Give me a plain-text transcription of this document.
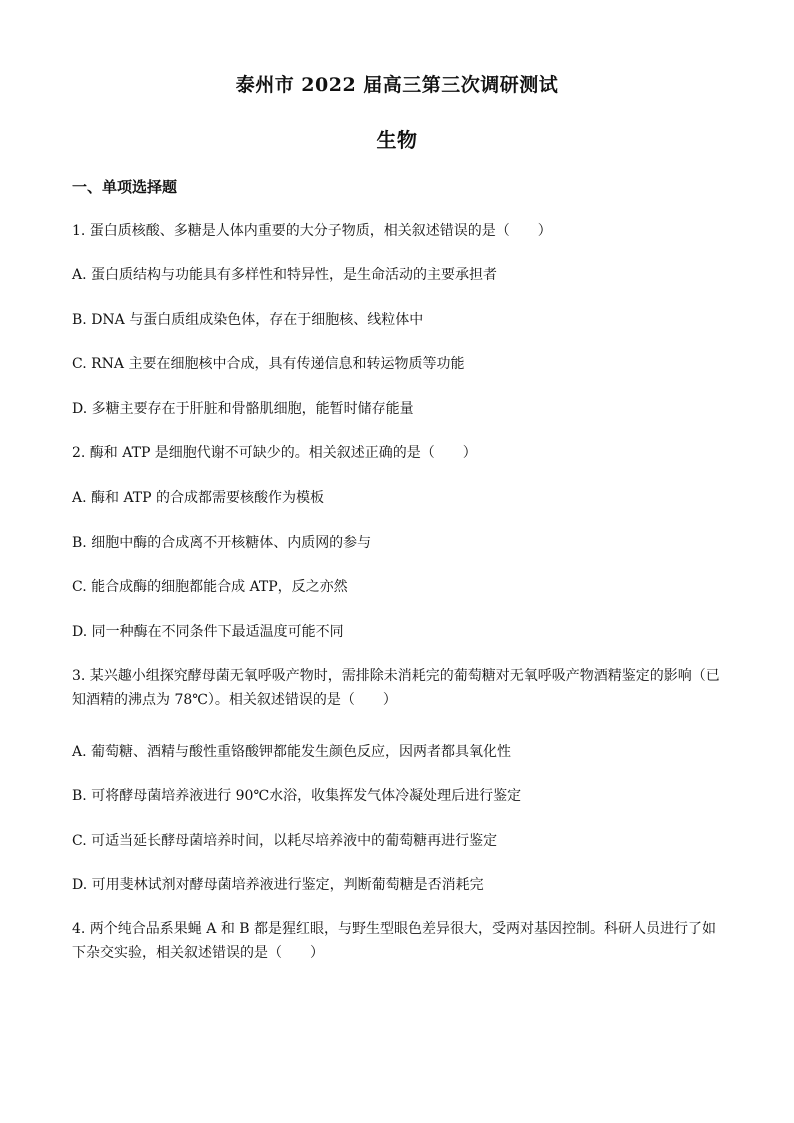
泰州市 2022 届高三第三次调研测试
生物
一、单项选择题
1. 蛋白质核酸、多糖是人体内重要的大分子物质，相关叙述错误的是（　　）
A. 蛋白质结构与功能具有多样性和特异性，是生命活动的主要承担者
B. DNA 与蛋白质组成染色体，存在于细胞核、线粒体中
C. RNA 主要在细胞核中合成，具有传递信息和转运物质等功能
D. 多糖主要存在于肝脏和骨骼肌细胞，能暂时储存能量
2. 酶和 ATP 是细胞代谢不可缺少的。相关叙述正确的是（　　）
A. 酶和 ATP 的合成都需要核酸作为模板
B. 细胞中酶的合成离不开核糖体、内质网的参与
C. 能合成酶的细胞都能合成 ATP，反之亦然
D. 同一种酶在不同条件下最适温度可能不同
3. 某兴趣小组探究酵母菌无氧呼吸产物时，需排除未消耗完的葡萄糖对无氧呼吸产物酒精鉴定的影响（已知酒精的沸点为 78℃）。相关叙述错误的是（　　）
A. 葡萄糖、酒精与酸性重铬酸钾都能发生颜色反应，因两者都具氧化性
B. 可将酵母菌培养液进行 90℃水浴，收集挥发气体冷凝处理后进行鉴定
C. 可适当延长酵母菌培养时间，以耗尽培养液中的葡萄糖再进行鉴定
D. 可用斐林试剂对酵母菌培养液进行鉴定，判断葡萄糖是否消耗完
4. 两个纯合品系果蝇 A 和 B 都是猩红眼，与野生型眼色差异很大，受两对基因控制。科研人员进行了如下杂交实验，相关叙述错误的是（　　）
